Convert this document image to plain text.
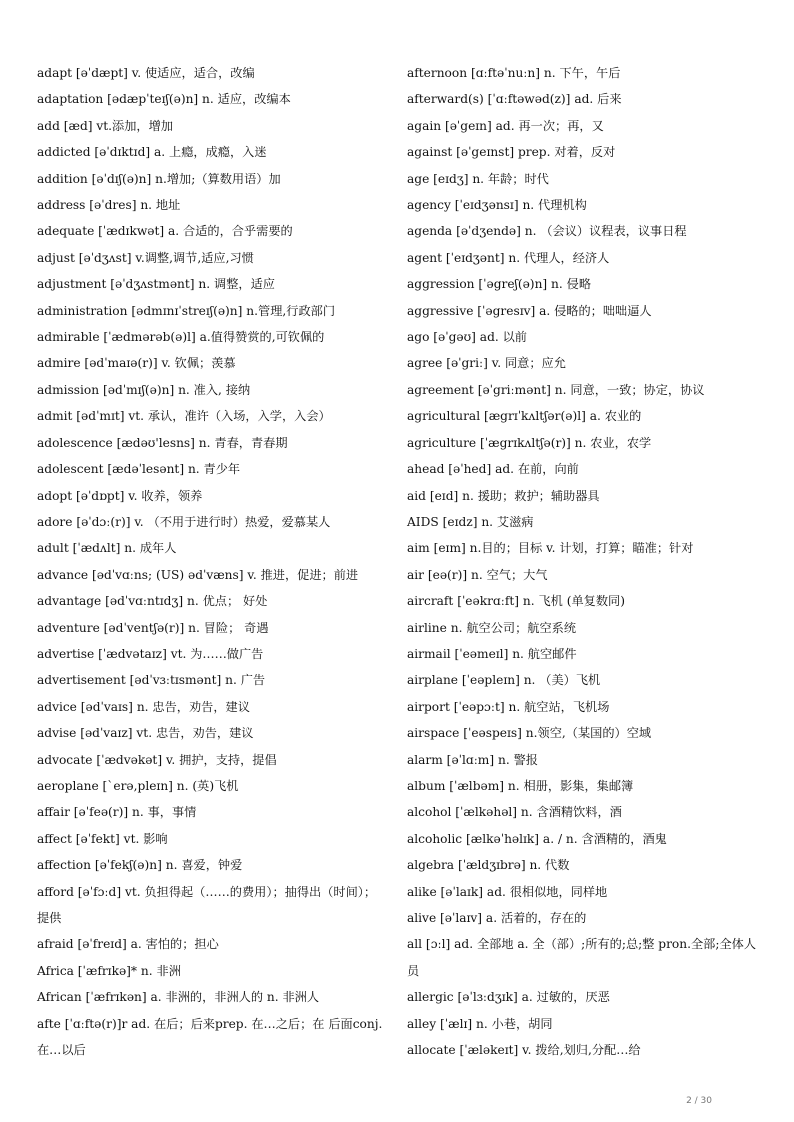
adapt [əˈdæpt] v. 使适应，适合，改编
adaptation [ədæpˈteɪʃ(ə)n] n. 适应，改编本
add [æd] vt.添加，增加
addicted [əˈdɪktɪd] a. 上瘾，成瘾，入迷
addition [əˈdɪʃ(ə)n] n.增加;（算数用语）加
address [əˈdres] n. 地址
adequate [ˈædɪkwət] a. 合适的，合乎需要的
adjust [əˈdʒʌst] v.调整,调节,适应,习惯
adjustment [əˈdʒʌstmənt] n. 调整，适应
administration [ədmɪnɪˈstreɪʃ(ə)n] n.管理,行政部门
admirable [ˈædmərəb(ə)l] a.值得赞赏的,可钦佩的
admire [ədˈmaɪə(r)] v. 钦佩；羡慕
admission [ədˈmɪʃ(ə)n] n. 准入, 接纳
admit [ədˈmɪt] vt. 承认，准许（入场，入学，入会）
adolescence [ædəʊ'lesns] n. 青春，青春期
adolescent [ædəˈlesənt] n. 青少年
adopt [əˈdɒpt] v. 收养，领养
adore [əˈdɔː(r)] v. （不用于进行时）热爱，爱慕某人
adult [ˈædʌlt] n. 成年人
advance [ədˈvɑːns; (US) ədˈvæns] v. 推进，促进；前进
advantage [ədˈvɑːntɪdʒ] n. 优点； 好处
adventure [ədˈventʃə(r)] n. 冒险； 奇遇
advertise [ˈædvətaɪz] vt. 为……做广告
advertisement [ədˈvɜːtɪsmənt] n. 广告
advice [ədˈvaɪs] n. 忠告，劝告，建议
advise [ədˈvaɪz] vt. 忠告，劝告，建议
advocate [ˈædvəkət] v. 拥护，支持，提倡
aeroplane [`erə,pleɪn] n. (英)飞机
affair [əˈfeə(r)] n. 事，事情
affect [əˈfekt] vt. 影响
affection [əˈfekʃ(ə)n] n. 喜爱，钟爱
afford [əˈfɔːd] vt. 负担得起（……的费用）；抽得出（时间）；提供
afraid [əˈfreɪd] a. 害怕的；担心
Africa [ˈæfrɪkə]* n. 非洲
African [ˈæfrɪkən] a. 非洲的，非洲人的 n. 非洲人
afte [ˈɑːftə(r)]r ad. 在后；后来prep. 在…之后；在 后面conj. 在…以后
afternoon [ɑːftəˈnuːn] n. 下午，午后
afterward(s) [ˈɑːftəwəd(z)] ad. 后来
again [əˈgeɪn] ad. 再一次；再，又
against [əˈgeɪnst] prep. 对着，反对
age [eɪdʒ] n. 年龄；时代
agency [ˈeɪdʒənsɪ] n. 代理机构
agenda [əˈdʒendə] n. （会议）议程表，议事日程
agent [ˈeɪdʒənt] n. 代理人，经济人
aggression [ˈəgreʃ(ə)n] n. 侵略
aggressive [ˈəgresɪv] a. 侵略的；咄咄逼人
ago [əˈgəʊ] ad. 以前
agree [əˈgriː] v. 同意；应允
agreement [əˈgriːmənt] n. 同意，一致；协定，协议
agricultural [ægrɪˈkʌltʃər(ə)l] a. 农业的
agriculture [ˈægrɪkʌltʃə(r)] n. 农业，农学
ahead [əˈhed] ad. 在前，向前
aid [eɪd] n. 援助；救护；辅助器具
AIDS [eɪdz] n. 艾滋病
aim [eɪm] n.目的；目标 v. 计划，打算；瞄准；针对
air [eə(r)] n. 空气；大气
aircraft [ˈeəkrɑːft] n. 飞机 (单复数同)
airline n. 航空公司；航空系统
airmail [ˈeəmeɪl] n. 航空邮件
airplane [ˈeəpleɪn] n. （美）飞机
airport [ˈeəpɔːt] n. 航空站，飞机场
airspace [ˈeəspeɪs] n.领空,（某国的）空域
alarm [əˈlɑːm] n. 警报
album [ˈælbəm] n. 相册，影集，集邮簿
alcohol [ˈælkəhəl] n. 含酒精饮料，酒
alcoholic [ælkəˈhəlɪk] a. / n. 含酒精的，酒鬼
algebra [ˈældʒɪbrə] n. 代数
alike [əˈlaɪk] ad. 很相似地，同样地
alive [əˈlaɪv] a. 活着的，存在的
all [ɔːl] ad. 全部地 a. 全（部）;所有的;总;整 pron.全部;全体人员
allergic [əˈlɜːdʒɪk] a. 过敏的，厌恶
alley [ˈælɪ] n. 小巷，胡同
allocate [ˈæləkeɪt] v. 拨给,划归,分配…给
2 / 30
